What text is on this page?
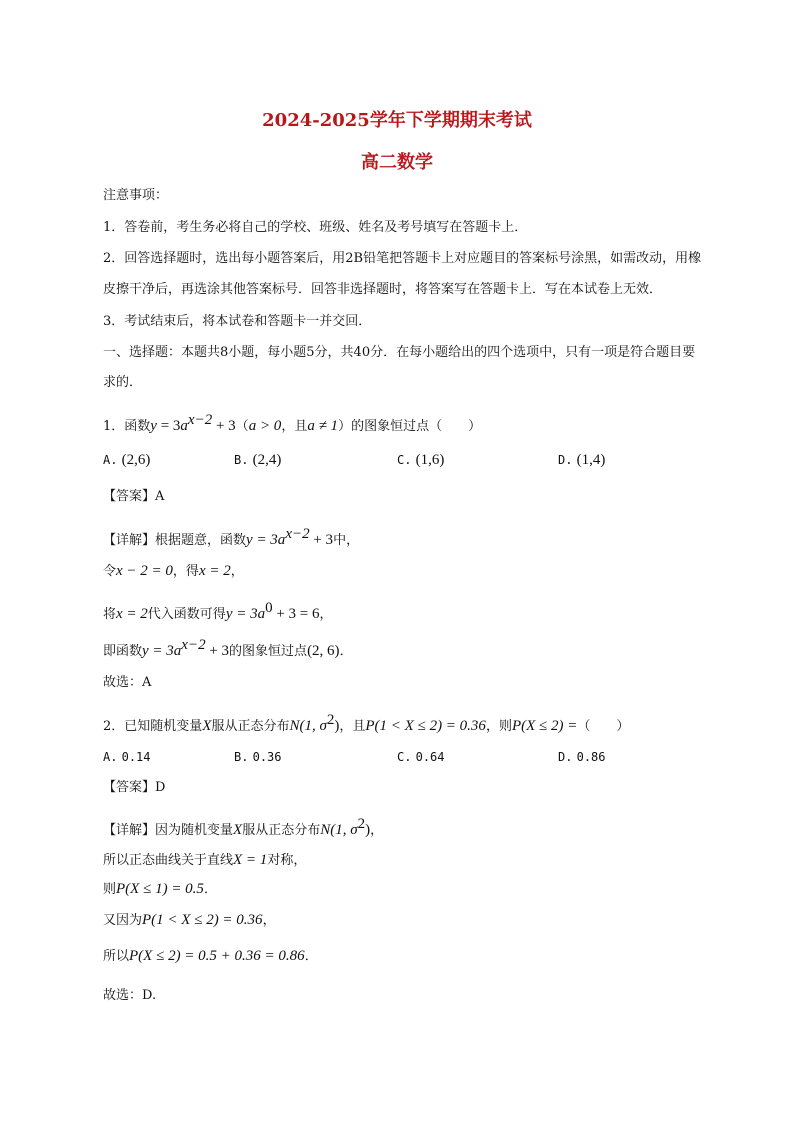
2024-2025学年下学期期末考试
高二数学
注意事项：
1．答卷前，考生务必将自己的学校、班级、姓名及考号填写在答题卡上．
2．回答选择题时，选出每小题答案后，用2B铅笔把答题卡上对应题目的答案标号涂黑，如需改动，用橡
皮擦干净后，再选涂其他答案标号．回答非选择题时，将答案写在答题卡上．写在本试卷上无效．
3．考试结束后，将本试卷和答题卡一并交回．
一、选择题：本题共8小题，每小题5分，共40分．在每小题给出的四个选项中，只有一项是符合题目要
求的．
1．函数$y = 3a^{x-2} + 3(a > 0$，且a ≠ 1）的图象恒过点（　　）
A. (2,6)	B. (2,4)	C. (1,6)	D. (1,4)
【答案】A
【详解】根据题意，函数$y = 3a^{x-2} + 3$中，
令x − 2 = 0，得x = 2，
将x = 2代入函数可得$y = 3a^0 + 3 = 6$，
即函数$y = 3a^{x-2} + 3$的图象恒过点(2, 6)．
故选：A
2．已知随机变量X服从正态分布N(1, $\sigma^2$)，且P(1 < X ≤ 2) = 0.36，则P(X ≤ 2) =（　　）
A. 0.14	B. 0.36	C. 0.64	D. 0.86
【答案】D
【详解】因为随机变量X服从正态分布N(1, $\sigma^2$)，
所以正态曲线关于直线X = 1对称，
则P(X ≤ 1) = 0.5．
又因为P(1 < X ≤ 2) = 0.36，
所以P(X ≤ 2) = 0.5 + 0.36 = 0.86．
故选：D.
